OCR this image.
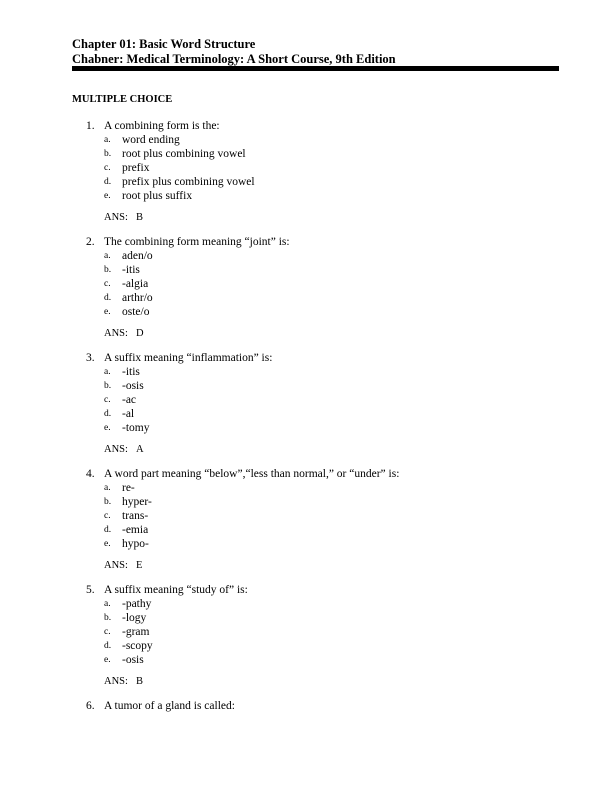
Chapter 01: Basic Word Structure
Chabner: Medical Terminology: A Short Course, 9th Edition
MULTIPLE CHOICE
1. A combining form is the:
a. word ending
b. root plus combining vowel
c. prefix
d. prefix plus combining vowel
e. root plus suffix
ANS: B
2. The combining form meaning “joint” is:
a. aden/o
b. -itis
c. -algia
d. arthr/o
e. oste/o
ANS: D
3. A suffix meaning “inflammation” is:
a. -itis
b. -osis
c. -ac
d. -al
e. -tomy
ANS: A
4. A word part meaning “below”,“less than normal,” or “under” is:
a. re-
b. hyper-
c. trans-
d. -emia
e. hypo-
ANS: E
5. A suffix meaning “study of” is:
a. -pathy
b. -logy
c. -gram
d. -scopy
e. -osis
ANS: B
6. A tumor of a gland is called:
